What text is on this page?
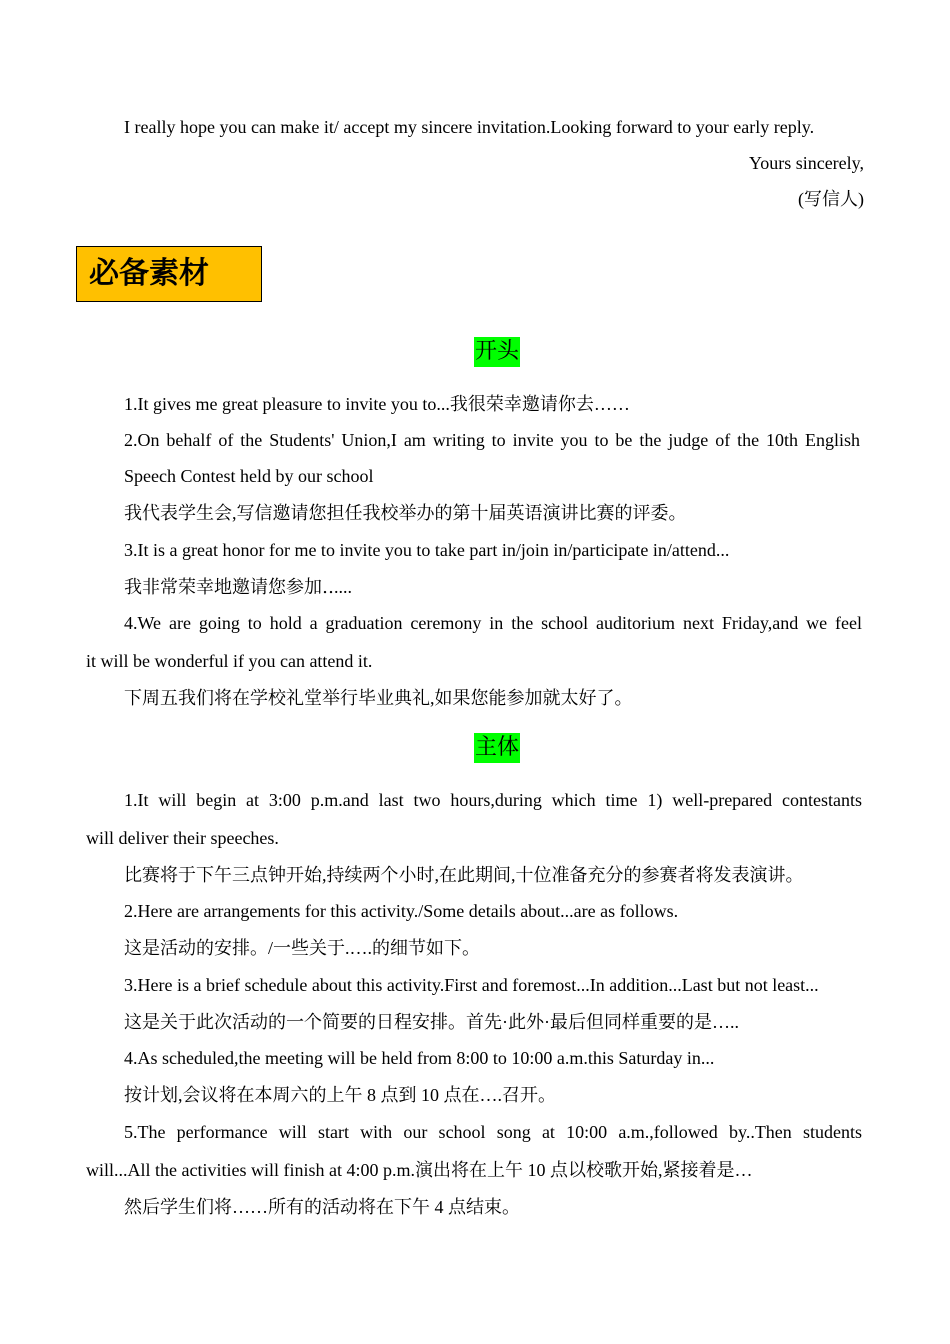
I really hope you can make it/ accept my sincere invitation.Looking forward to your early reply.
Yours sincerely,
(写信人)
必备素材
开头
1.It gives me great pleasure to invite you to...我很荣幸邀请你去……
2.On behalf of the Students' Union,I am writing to invite you to be the judge of the 10th English
Speech Contest held by our school
我代表学生会,写信邀请您担任我校举办的第十届英语演讲比赛的评委。
3.It is a great honor for me to invite you to take part in/join in/participate in/attend...
我非常荣幸地邀请您参加‥....
4.We are going to hold a graduation ceremony in the school auditorium next Friday,and we feel
it will be wonderful if you can attend it.
下周五我们将在学校礼堂举行毕业典礼,如果您能参加就太好了。
主体
1.It will begin at 3:00 p.m.and last two hours,during which time 1) well-prepared contestants
will deliver their speeches.
比赛将于下午三点钟开始,持续两个小时,在此期间,十位准备充分的参赛者将发表演讲。
2.Here are arrangements for this activity./Some details about...are as follows.
这是活动的安排。/一些关于.….的细节如下。
3.Here is a brief schedule about this activity.First and foremost...In addition...Last but not least...
这是关于此次活动的一个简要的日程安排。首先·此外·最后但同样重要的是…..
4.As scheduled,the meeting will be held from 8:00 to 10:00 a.m.this Saturday in...
按计划,会议将在本周六的上午 8 点到 10 点在….召开。
5.The performance will start with our school song at 10:00 a.m.,followed by..Then students
will...All the activities will finish at 4:00 p.m.演出将在上午 10 点以校歌开始,紧接着是…
然后学生们将……所有的活动将在下午 4 点结束。
